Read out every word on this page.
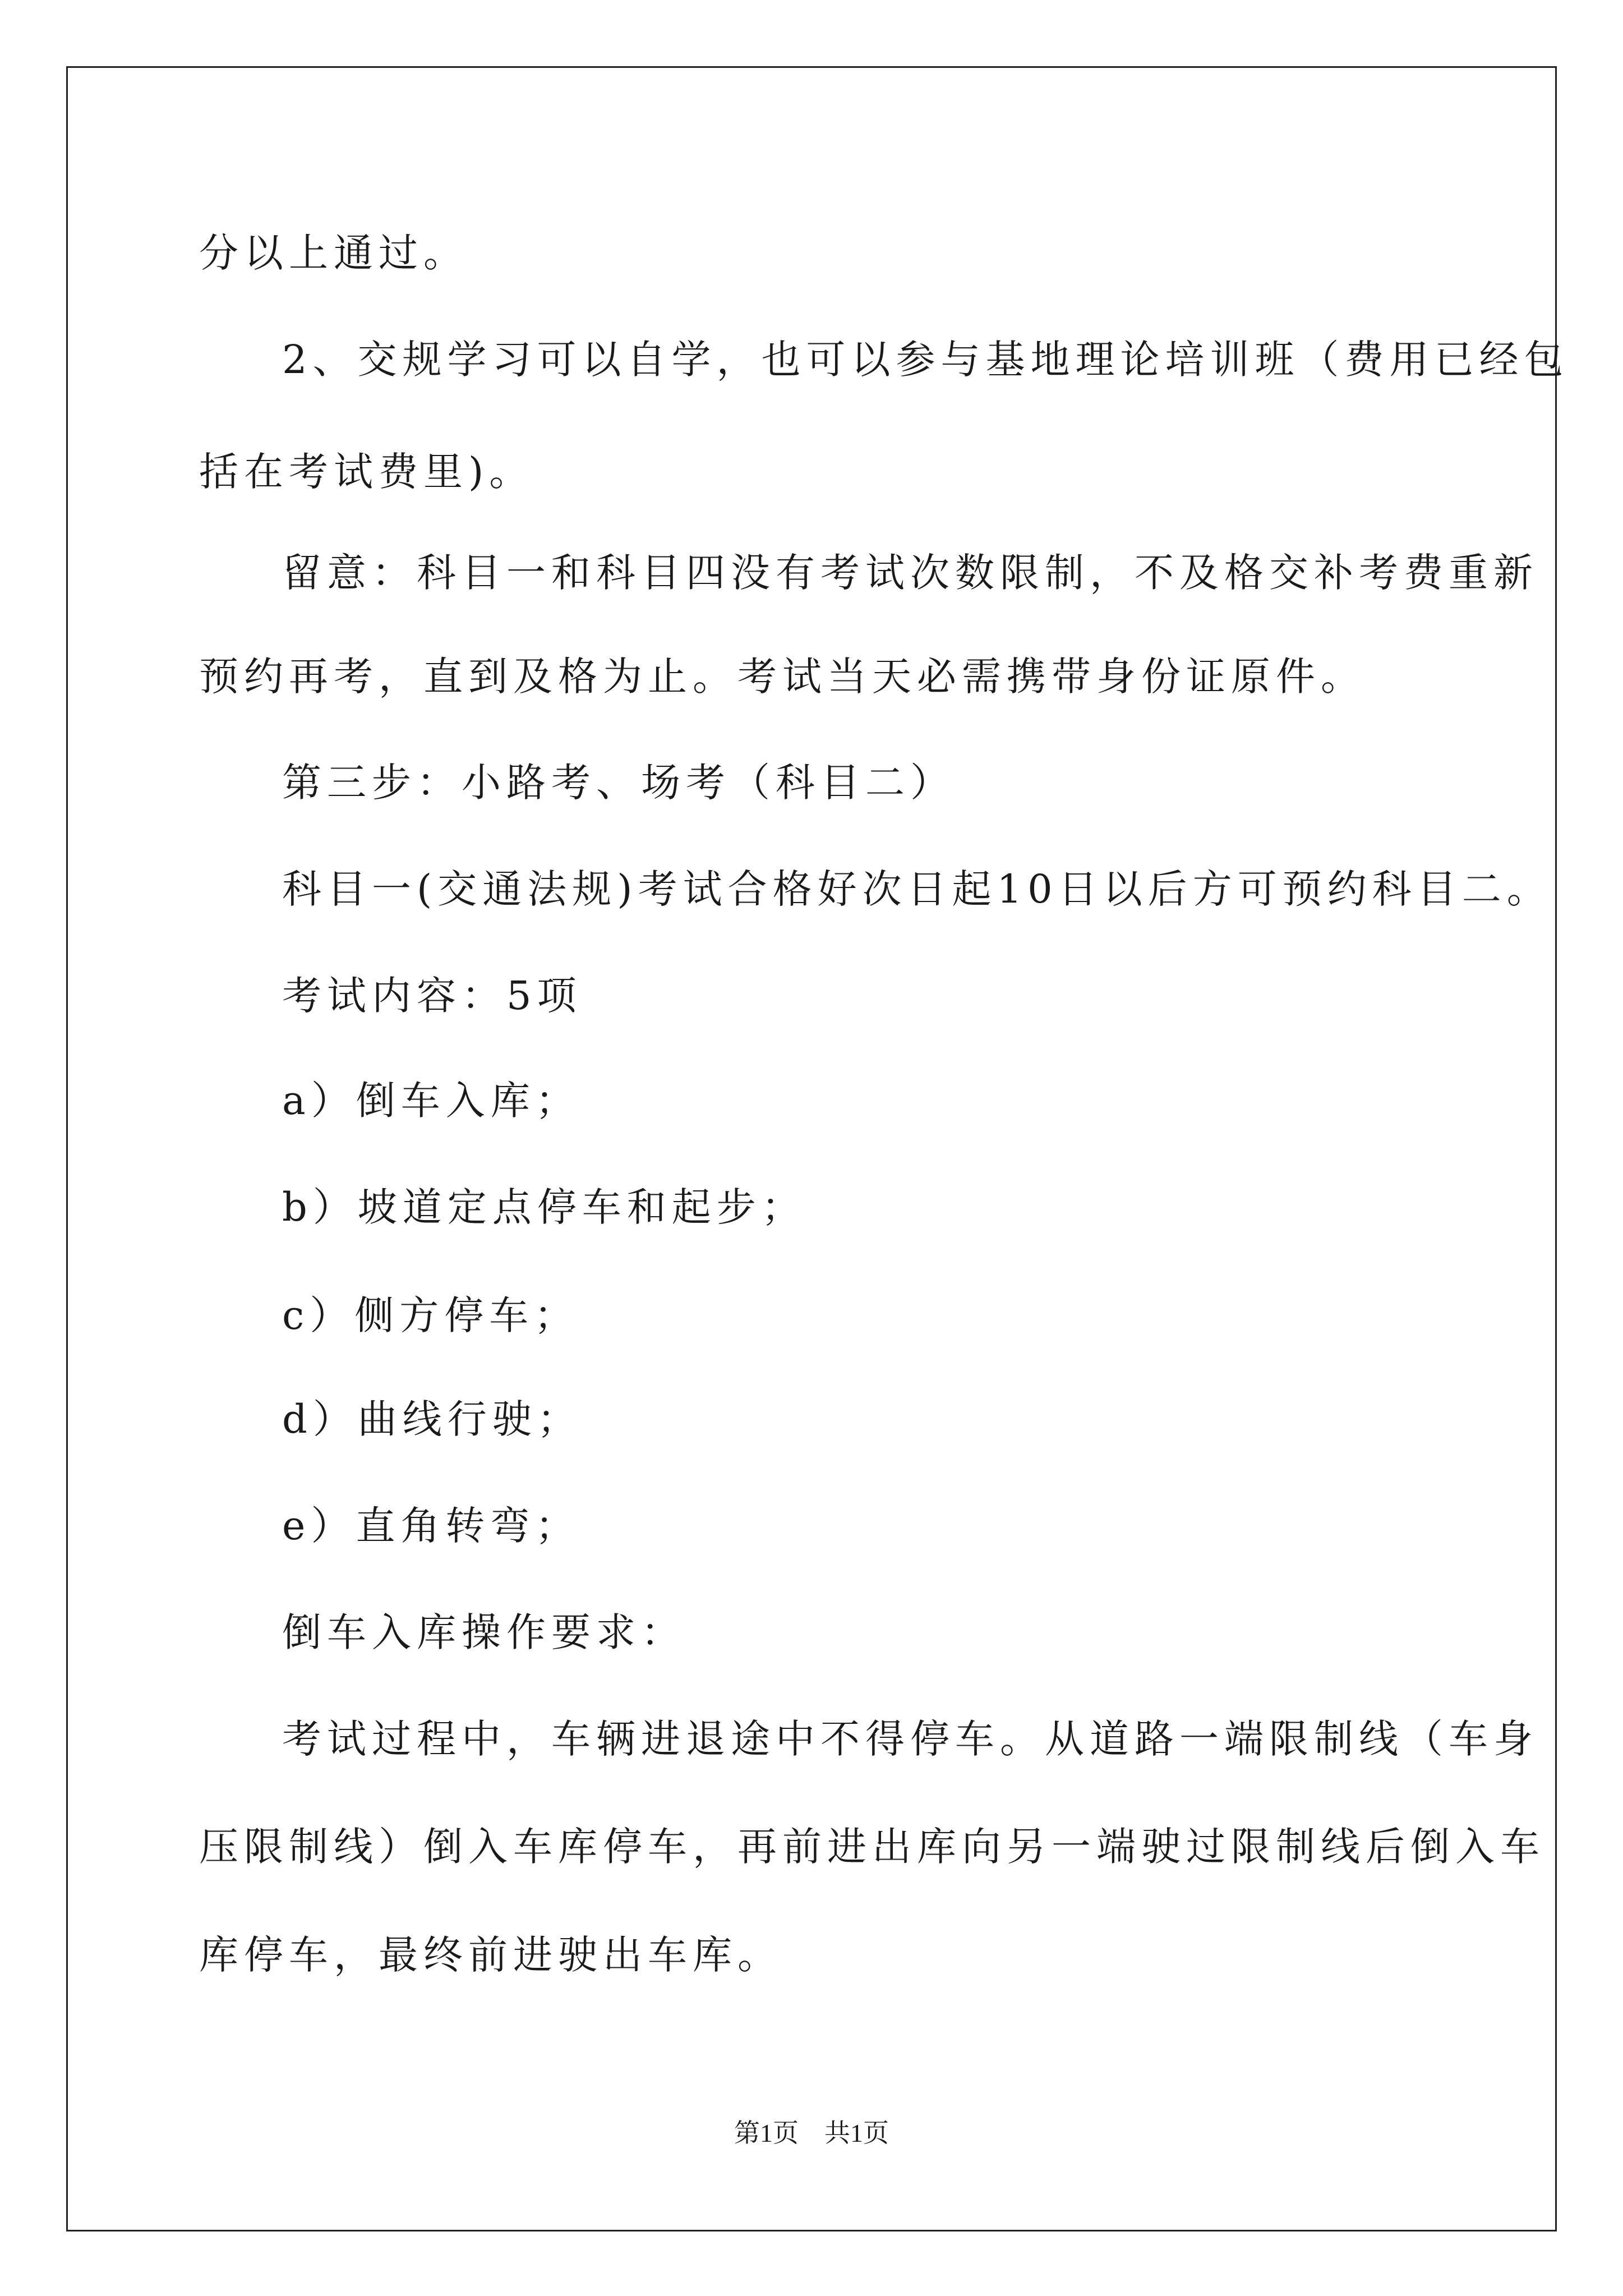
分以上通过。
2、交规学习可以自学，也可以参与基地理论培训班（费用已经包
括在考试费里)。
留意：科目一和科目四没有考试次数限制，不及格交补考费重新
预约再考，直到及格为止。考试当天必需携带身份证原件。
第三步：小路考、场考（科目二）
科目一(交通法规)考试合格好次日起10日以后方可预约科目二。
考试内容：5项
a）倒车入库；
b）坡道定点停车和起步；
c）侧方停车；
d）曲线行驶；
e）直角转弯；
倒车入库操作要求：
考试过程中，车辆进退途中不得停车。从道路一端限制线（车身
压限制线）倒入车库停车，再前进出库向另一端驶过限制线后倒入车
库停车，最终前进驶出车库。
第1页 共1页
